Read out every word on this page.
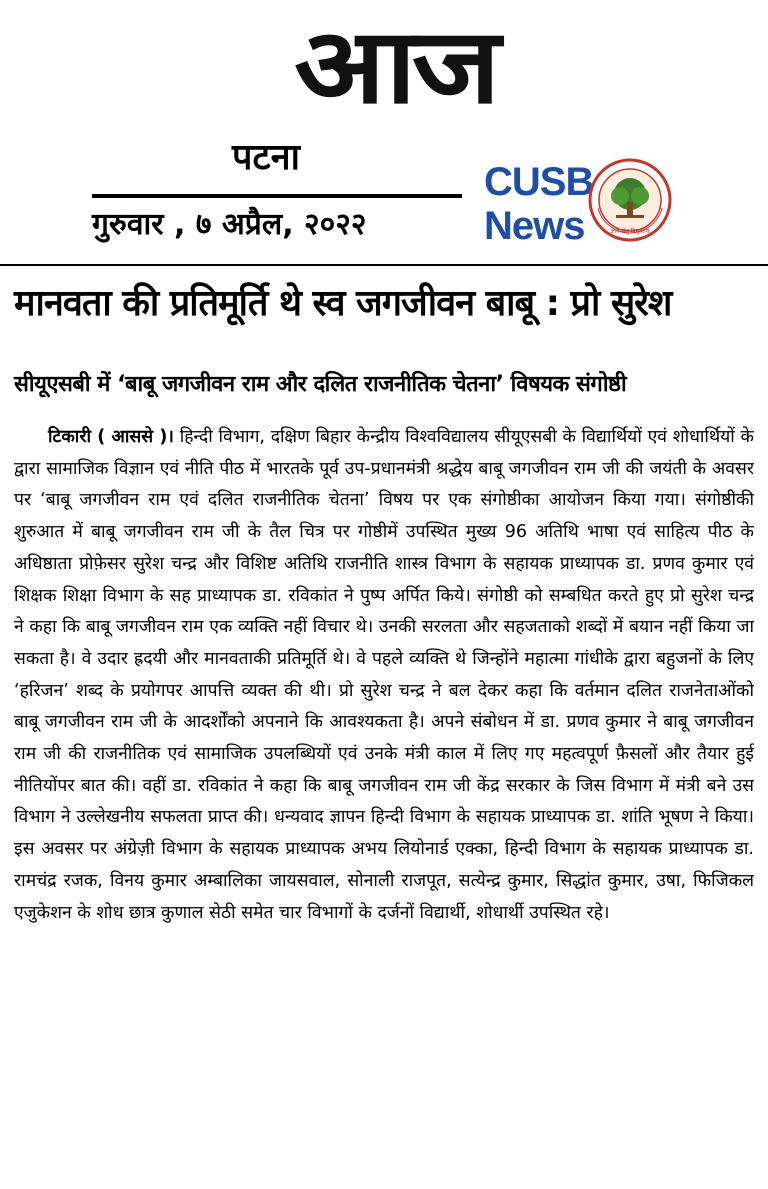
आज
पटना
गुरुवार , ७ अप्रैल, २०२२
CUSB
News	ज्ञान सेतु विमुक्तये
मानवता की प्रतिमूर्ति थे स्व जगजीवन बाबू : प्रो सुरेश
सीयूएसबी में ‘बाबू जगजीवन राम और दलित राजनीतिक चेतना’ विषयक संगोष्ठी
टिकारी ( आससे )। हिन्दी विभाग, दक्षिण बिहार केन्द्रीय विश्वविद्यालय सीयूएसबी के विद्यार्थियों एवं शोधार्थियों के द्वारा सामाजिक विज्ञान एवं नीति पीठ में भारतके पूर्व उप-प्रधानमंत्री श्रद्धेय बाबू जगजीवन राम जी की जयंती के अवसर पर ‘बाबू जगजीवन राम एवं दलित राजनीतिक चेतना’ विषय पर एक संगोष्ठीका आयोजन किया गया। संगोष्ठीकी शुरुआत में बाबू जगजीवन राम जी के तैल चित्र पर गोष्ठीमें उपस्थित मुख्य 96 अतिथि भाषा एवं साहित्य पीठ के अधिष्ठाता प्रोफ़ेसर सुरेश चन्द्र और विशिष्ट अतिथि राजनीति शास्त्र विभाग के सहायक प्राध्यापक डा. प्रणव कुमार एवं शिक्षक शिक्षा विभाग के सह प्राध्यापक डा. रविकांत ने पुष्प अर्पित किये। संगोष्ठी को सम्बधित करते हुए प्रो सुरेश चन्द्र ने कहा कि बाबू जगजीवन राम एक व्यक्ति नहीं विचार थे। उनकी सरलता और सहजताको शब्दों में बयान नहीं किया जा सकता है। वे उदार ह्रदयी और मानवताकी प्रतिमूर्ति थे। वे पहले व्यक्ति थे जिन्होंने महात्मा गांधीके द्वारा बहुजनों के लिए ‘हरिजन’ शब्द के प्रयोगपर आपत्ति व्यक्त की थी। प्रो सुरेश चन्द्र ने बल देकर कहा कि वर्तमान दलित राजनेताओंको बाबू जगजीवन राम जी के आदर्शोंको अपनाने कि आवश्यकता है। अपने संबोधन में डा. प्रणव कुमार ने बाबू जगजीवन राम जी की राजनीतिक एवं सामाजिक उपलब्धियों एवं उनके मंत्री काल में लिए गए महत्वपूर्ण फ़ैसलों और तैयार हुई नीतियोंपर बात की। वहीं डा. रविकांत ने कहा कि बाबू जगजीवन राम जी केंद्र सरकार के जिस विभाग में मंत्री बने उस विभाग ने उल्लेखनीय सफलता प्राप्त की। धन्यवाद ज्ञापन हिन्दी विभाग के सहायक प्राध्यापक डा. शांति भूषण ने किया। इस अवसर पर अंग्रेज़ी विभाग के सहायक प्राध्यापक अभय लियोनार्ड एक्का, हिन्दी विभाग के सहायक प्राध्यापक डा. रामचंद्र रजक, विनय कुमार अम्बालिका जायसवाल, सोनाली राजपूत, सत्येन्द्र कुमार, सिद्धांत कुमार, उषा, फिजिकल एजुकेशन के शोध छात्र कुणाल सेठी समेत चार विभागों के दर्जनों विद्यार्थी, शोधार्थी उपस्थित रहे।
